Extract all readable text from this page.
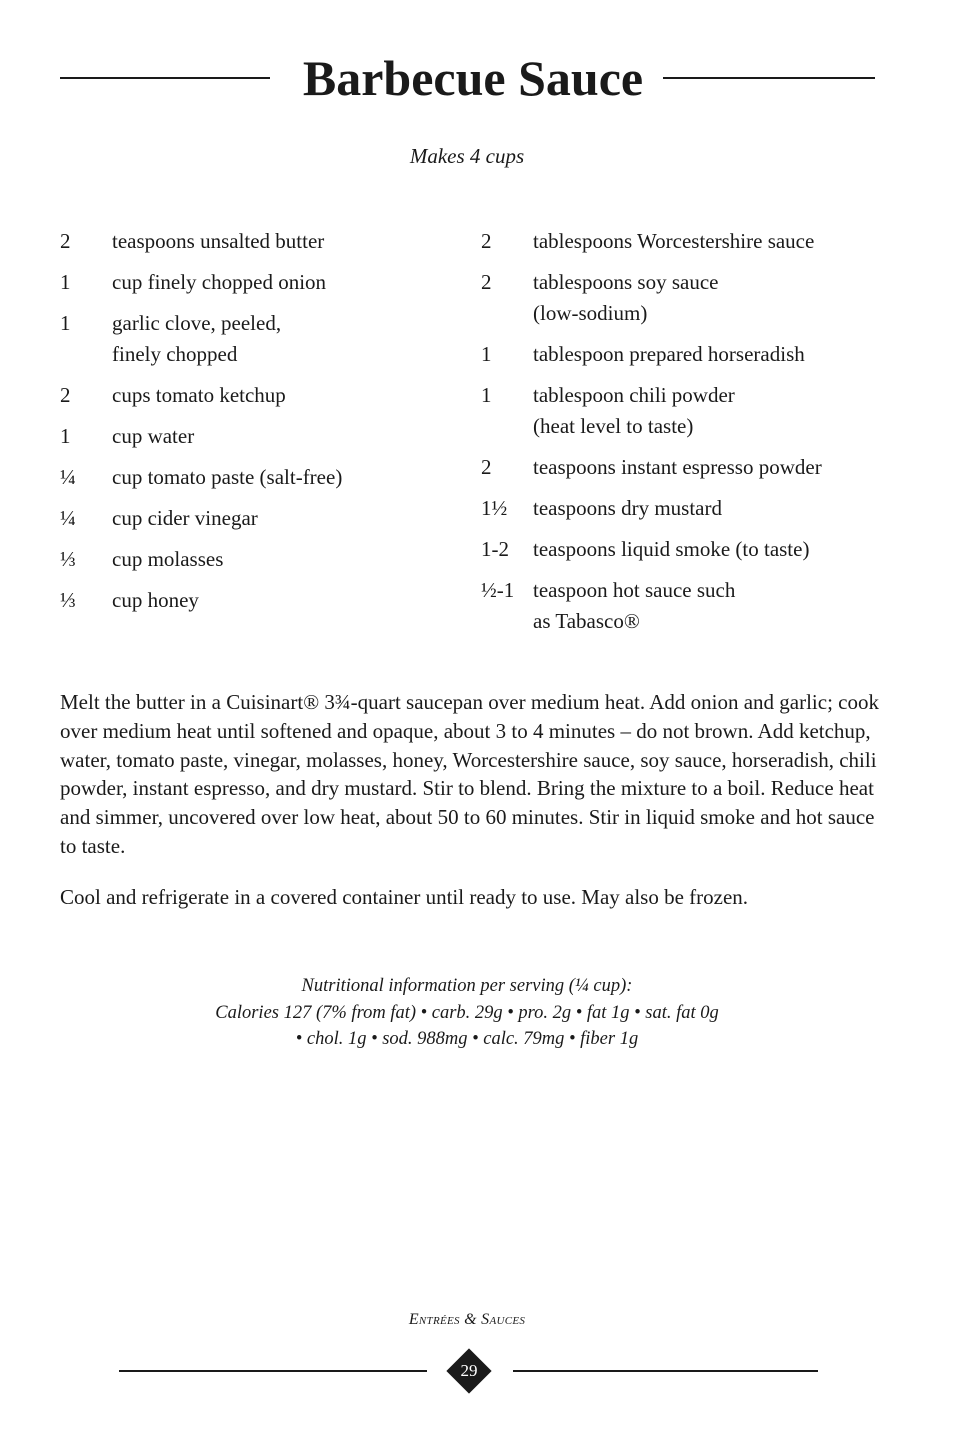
Barbecue Sauce
Makes 4 cups
2	teaspoons unsalted butter
1	cup finely chopped onion
1	garlic clove, peeled,
finely chopped
2	cups tomato ketchup
1	cup water
¼	cup tomato paste (salt-free)
¼	cup cider vinegar
⅓	cup molasses
⅓	cup honey
2	tablespoons Worcestershire sauce
2	tablespoons soy sauce
(low-sodium)
1	tablespoon prepared horseradish
1	tablespoon chili powder
(heat level to taste)
2	teaspoons instant espresso powder
1½	teaspoons dry mustard
1-2	teaspoons liquid smoke (to taste)
½-1 teaspoon hot sauce such
as Tabasco®

Melt the butter in a Cuisinart® 3¾-quart saucepan over medium heat. Add onion and garlic; cook over medium heat until softened and opaque, about 3 to 4 minutes – do not brown. Add ketchup, water, tomato paste, vinegar, molasses, honey, Worcestershire sauce, soy sauce, horseradish, chili powder, instant espresso, and dry mustard. Stir to blend. Bring the mixture to a boil. Reduce heat and simmer, uncovered over low heat, about 50 to 60 minutes. Stir in liquid smoke and hot sauce to taste.

Cool and refrigerate in a covered container until ready to use. May also be frozen.

Nutritional information per serving (¼ cup):
Calories 127 (7% from fat) • carb. 29g • pro. 2g • fat 1g • sat. fat 0g
• chol. 1g • sod. 988mg • calc. 79mg • fiber 1g
Entrées & Sauces
29
